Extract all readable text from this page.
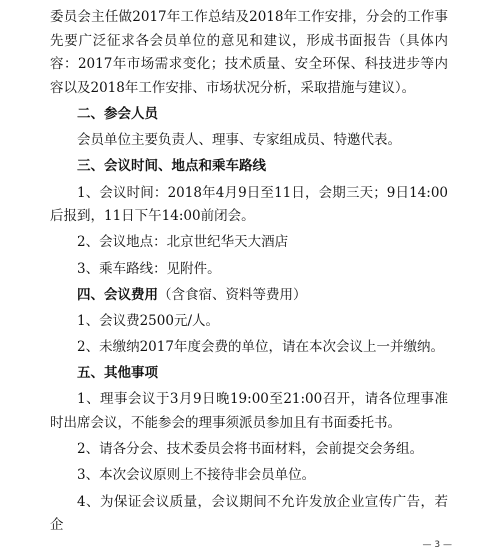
委员会主任做2017年工作总结及2018年工作安排，分会的工作事先要广泛征求各会员单位的意见和建议，形成书面报告（具体内容：2017年市场需求变化；技术质量、安全环保、科技进步等内容以及2018年工作安排、市场状况分析，采取措施与建议）。

二、参会人员

会员单位主要负责人、理事、专家组成员、特邀代表。

三、会议时间、地点和乘车路线

1、会议时间：2018年4月9日至11日，会期三天；9日14:00后报到，11日下午14:00前闭会。

2、会议地点：北京世纪华天大酒店

3、乘车路线：见附件。

四、会议费用（含食宿、资料等费用）

1、会议费2500元/人。

2、未缴纳2017年度会费的单位，请在本次会议上一并缴纳。

五、其他事项

1、理事会议于3月9日晚19:00至21:00召开，请各位理事准时出席会议，不能参会的理事须派员参加且有书面委托书。

2、请各分会、技术委员会将书面材料，会前提交会务组。

3、本次会议原则上不接待非会员单位。

4、为保证会议质量，会议期间不允许发放企业宣传广告，若企

— 3 —
